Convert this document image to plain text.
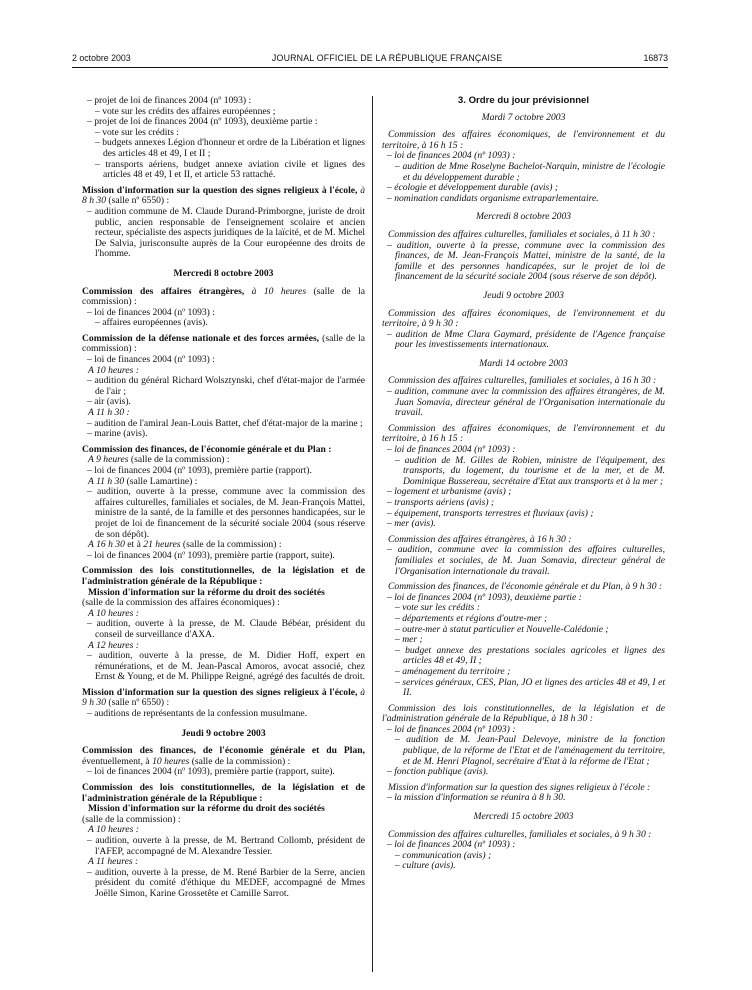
2 octobre 2003	JOURNAL OFFICIEL DE LA RÉPUBLIQUE FRANÇAISE	16873

– projet de loi de finances 2004 (nº 1093) :

– vote sur les crédits des affaires européennes ;

– projet de loi de finances 2004 (nº 1093), deuxième partie :

– vote sur les crédits :

– budgets annexes Légion d'honneur et ordre de la Libération et lignes des articles 48 et 49, I et II ;

– transports aériens, budget annexe aviation civile et lignes des articles 48 et 49, I et II, et article 53 rattaché.

Mission d'information sur la question des signes religieux à l'école, à 8 h 30 (salle nº 6550) :

– audition commune de M. Claude Durand-Primborgne, juriste de droit public, ancien responsable de l'enseignement scolaire et ancien recteur, spécialiste des aspects juridiques de la laïcité, et de M. Michel De Salvia, jurisconsulte auprès de la Cour européenne des droits de l'homme.

Mercredi 8 octobre 2003

Commission des affaires étrangères, à 10 heures (salle de la commission) :

– loi de finances 2004 (nº 1093) :

– affaires européennes (avis).

Commission de la défense nationale et des forces armées, (salle de la commission) :

– loi de finances 2004 (nº 1093) :

A 10 heures :

– audition du général Richard Wolsztynski, chef d'état-major de l'armée de l'air ;

– air (avis).

A 11 h 30 :

– audition de l'amiral Jean-Louis Battet, chef d'état-major de la marine ;

– marine (avis).

Commission des finances, de l'économie générale et du Plan :

A 9 heures (salle de la commission) :

– loi de finances 2004 (nº 1093), première partie (rapport).

A 11 h 30 (salle Lamartine) :

– audition, ouverte à la presse, commune avec la commission des affaires culturelles, familiales et sociales, de M. Jean-François Mattei, ministre de la santé, de la famille et des personnes handicapées, sur le projet de loi de financement de la sécurité sociale 2004 (sous réserve de son dépôt).

A 16 h 30 et à 21 heures (salle de la commission) :

– loi de finances 2004 (nº 1093), première partie (rapport, suite).

Commission des lois constitutionnelles, de la législation et de l'administration générale de la République :

Mission d'information sur la réforme du droit des sociétés

(salle de la commission des affaires économiques) :

A 10 heures :

– audition, ouverte à la presse, de M. Claude Bébéar, président du conseil de surveillance d'AXA.

A 12 heures :

– audition, ouverte à la presse, de M. Didier Hoff, expert en rémunérations, et de M. Jean-Pascal Amoros, avocat associé, chez Ernst & Young, et de M. Philippe Reigné, agrégé des facultés de droit.

Mission d'information sur la question des signes religieux à l'école, à 9 h 30 (salle nº 6550) :

– auditions de représentants de la confession musulmane.

Jeudi 9 octobre 2003

Commission des finances, de l'économie générale et du Plan, éventuellement, à 10 heures (salle de la commission) :

– loi de finances 2004 (nº 1093), première partie (rapport, suite).

Commission des lois constitutionnelles, de la législation et de l'administration générale de la République :

Mission d'information sur la réforme du droit des sociétés

(salle de la commission) :

A 10 heures :

– audition, ouverte à la presse, de M. Bertrand Collomb, président de l'AFEP, accompagné de M. Alexandre Tessier.

A 11 heures :

– audition, ouverte à la presse, de M. René Barbier de la Serre, ancien président du comité d'éthique du MEDEF, accompagné de Mmes Joëlle Simon, Karine Grossetête et Camille Sarrot.

3. Ordre du jour prévisionnel
Mardi 7 octobre 2003

Commission des affaires économiques, de l'environnement et du territoire, à 16 h 15 :

– loi de finances 2004 (nº 1093) :

– audition de Mme Roselyne Bachelot-Narquin, ministre de l'écologie et du développement durable ;

– écologie et développement durable (avis) ;

– nomination candidats organisme extraparlementaire.

Mercredi 8 octobre 2003

Commission des affaires culturelles, familiales et sociales, à 11 h 30 :

– audition, ouverte à la presse, commune avec la commission des finances, de M. Jean-François Mattei, ministre de la santé, de la famille et des personnes handicapées, sur le projet de loi de financement de la sécurité sociale 2004 (sous réserve de son dépôt).

Jeudi 9 octobre 2003

Commission des affaires économiques, de l'environnement et du territoire, à 9 h 30 :

– audition de Mme Clara Gaymard, présidente de l'Agence française pour les investissements internationaux.

Mardi 14 octobre 2003

Commission des affaires culturelles, familiales et sociales, à 16 h 30 :

– audition, commune avec la commission des affaires étrangères, de M. Juan Somavia, directeur général de l'Organisation internationale du travail.

Commission des affaires économiques, de l'environnement et du territoire, à 16 h 15 :

– loi de finances 2004 (nº 1093) :

– audition de M. Gilles de Robien, ministre de l'équipement, des transports, du logement, du tourisme et de la mer, et de M. Dominique Bussereau, secrétaire d'Etat aux transports et à la mer ;

– logement et urbanisme (avis) ;

– transports aériens (avis) ;

– équipement, transports terrestres et fluviaux (avis) ;

– mer (avis).

Commission des affaires étrangères, à 16 h 30 :

– audition, commune avec la commission des affaires culturelles, familiales et sociales, de M. Juan Somavia, directeur général de l'Organisation internationale du travail.

Commission des finances, de l'économie générale et du Plan, à 9 h 30 :

– loi de finances 2004 (nº 1093), deuxième partie :

– vote sur les crédits :

– départements et régions d'outre-mer ;

– outre-mer à statut particulier et Nouvelle-Calédonie ;

– mer ;

– budget annexe des prestations sociales agricoles et lignes des articles 48 et 49, II ;

– aménagement du territoire ;

– services généraux, CES, Plan, JO et lignes des articles 48 et 49, I et II.

Commission des lois constitutionnelles, de la législation et de l'administration générale de la République, à 18 h 30 :

– loi de finances 2004 (nº 1093) :

– audition de M. Jean-Paul Delevoye, ministre de la fonction publique, de la réforme de l'Etat et de l'aménagement du territoire, et de M. Henri Plagnol, secrétaire d'Etat à la réforme de l'Etat ;

– fonction publique (avis).

Mission d'information sur la question des signes religieux à l'école :

– la mission d'information se réunira à 8 h 30.

Mercredi 15 octobre 2003

Commission des affaires culturelles, familiales et sociales, à 9 h 30 :

– loi de finances 2004 (nº 1093) :

– communication (avis) ;

– culture (avis).
